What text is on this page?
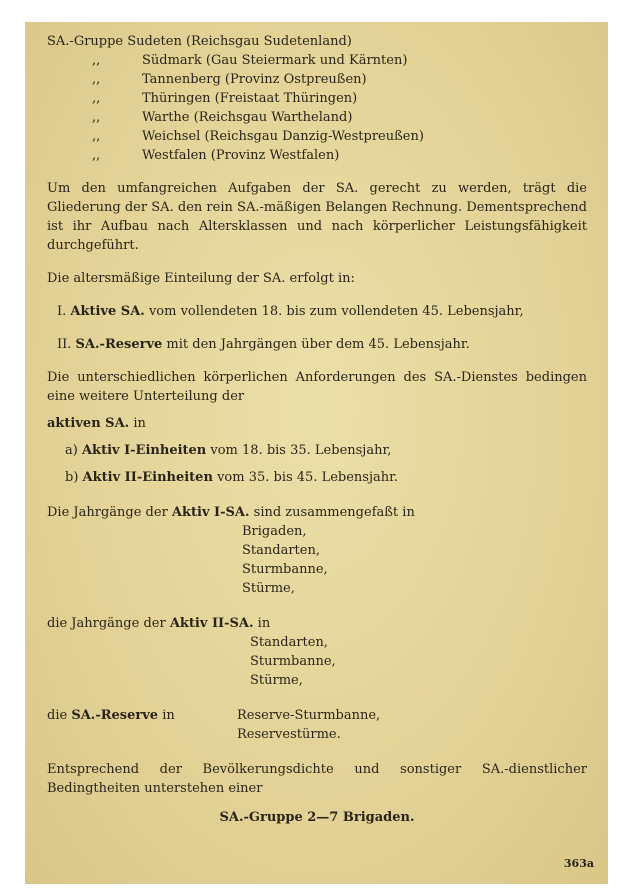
SA.-Gruppe Sudeten (Reichsgau Sudetenland)
,,	Südmark (Gau Steiermark und Kärnten)
,,	Tannenberg (Provinz Ostpreußen)
,,	Thüringen (Freistaat Thüringen)
,,	Warthe (Reichsgau Wartheland)
,,	Weichsel (Reichsgau Danzig-Westpreußen)
,,	Westfalen (Provinz Westfalen)

Um den umfangreichen Aufgaben der SA. gerecht zu werden, trägt die Gliederung der SA. den rein SA.-mäßigen Belangen Rechnung. Dementsprechend ist ihr Aufbau nach Altersklassen und nach körperlicher Leistungsfähigkeit durchgeführt.

Die altersmäßige Einteilung der SA. erfolgt in:

I. Aktive SA. vom vollendeten 18. bis zum vollendeten 45. Lebensjahr,

II. SA.-Reserve mit den Jahrgängen über dem 45. Lebensjahr.

Die unterschiedlichen körperlichen Anforderungen des SA.-Dienstes bedingen eine weitere Unterteilung der

aktiven SA. in

a) Aktiv I-Einheiten vom 18. bis 35. Lebensjahr,

b) Aktiv II-Einheiten vom 35. bis 45. Lebensjahr.

Die Jahrgänge der Aktiv I-SA. sind zusammengefaßt in
Brigaden,
Standarten,
Sturmbanne,
Stürme,
die Jahrgänge der Aktiv II-SA. in
Standarten,
Sturmbanne,
Stürme,
die SA.-Reserve in	Reserve-Sturmbanne,
Reservestürme.

Entsprechend der Bevölkerungsdichte und sonstiger SA.-dienstlicher Bedingtheiten unterstehen einer

SA.-Gruppe 2—7 Brigaden.
363a
